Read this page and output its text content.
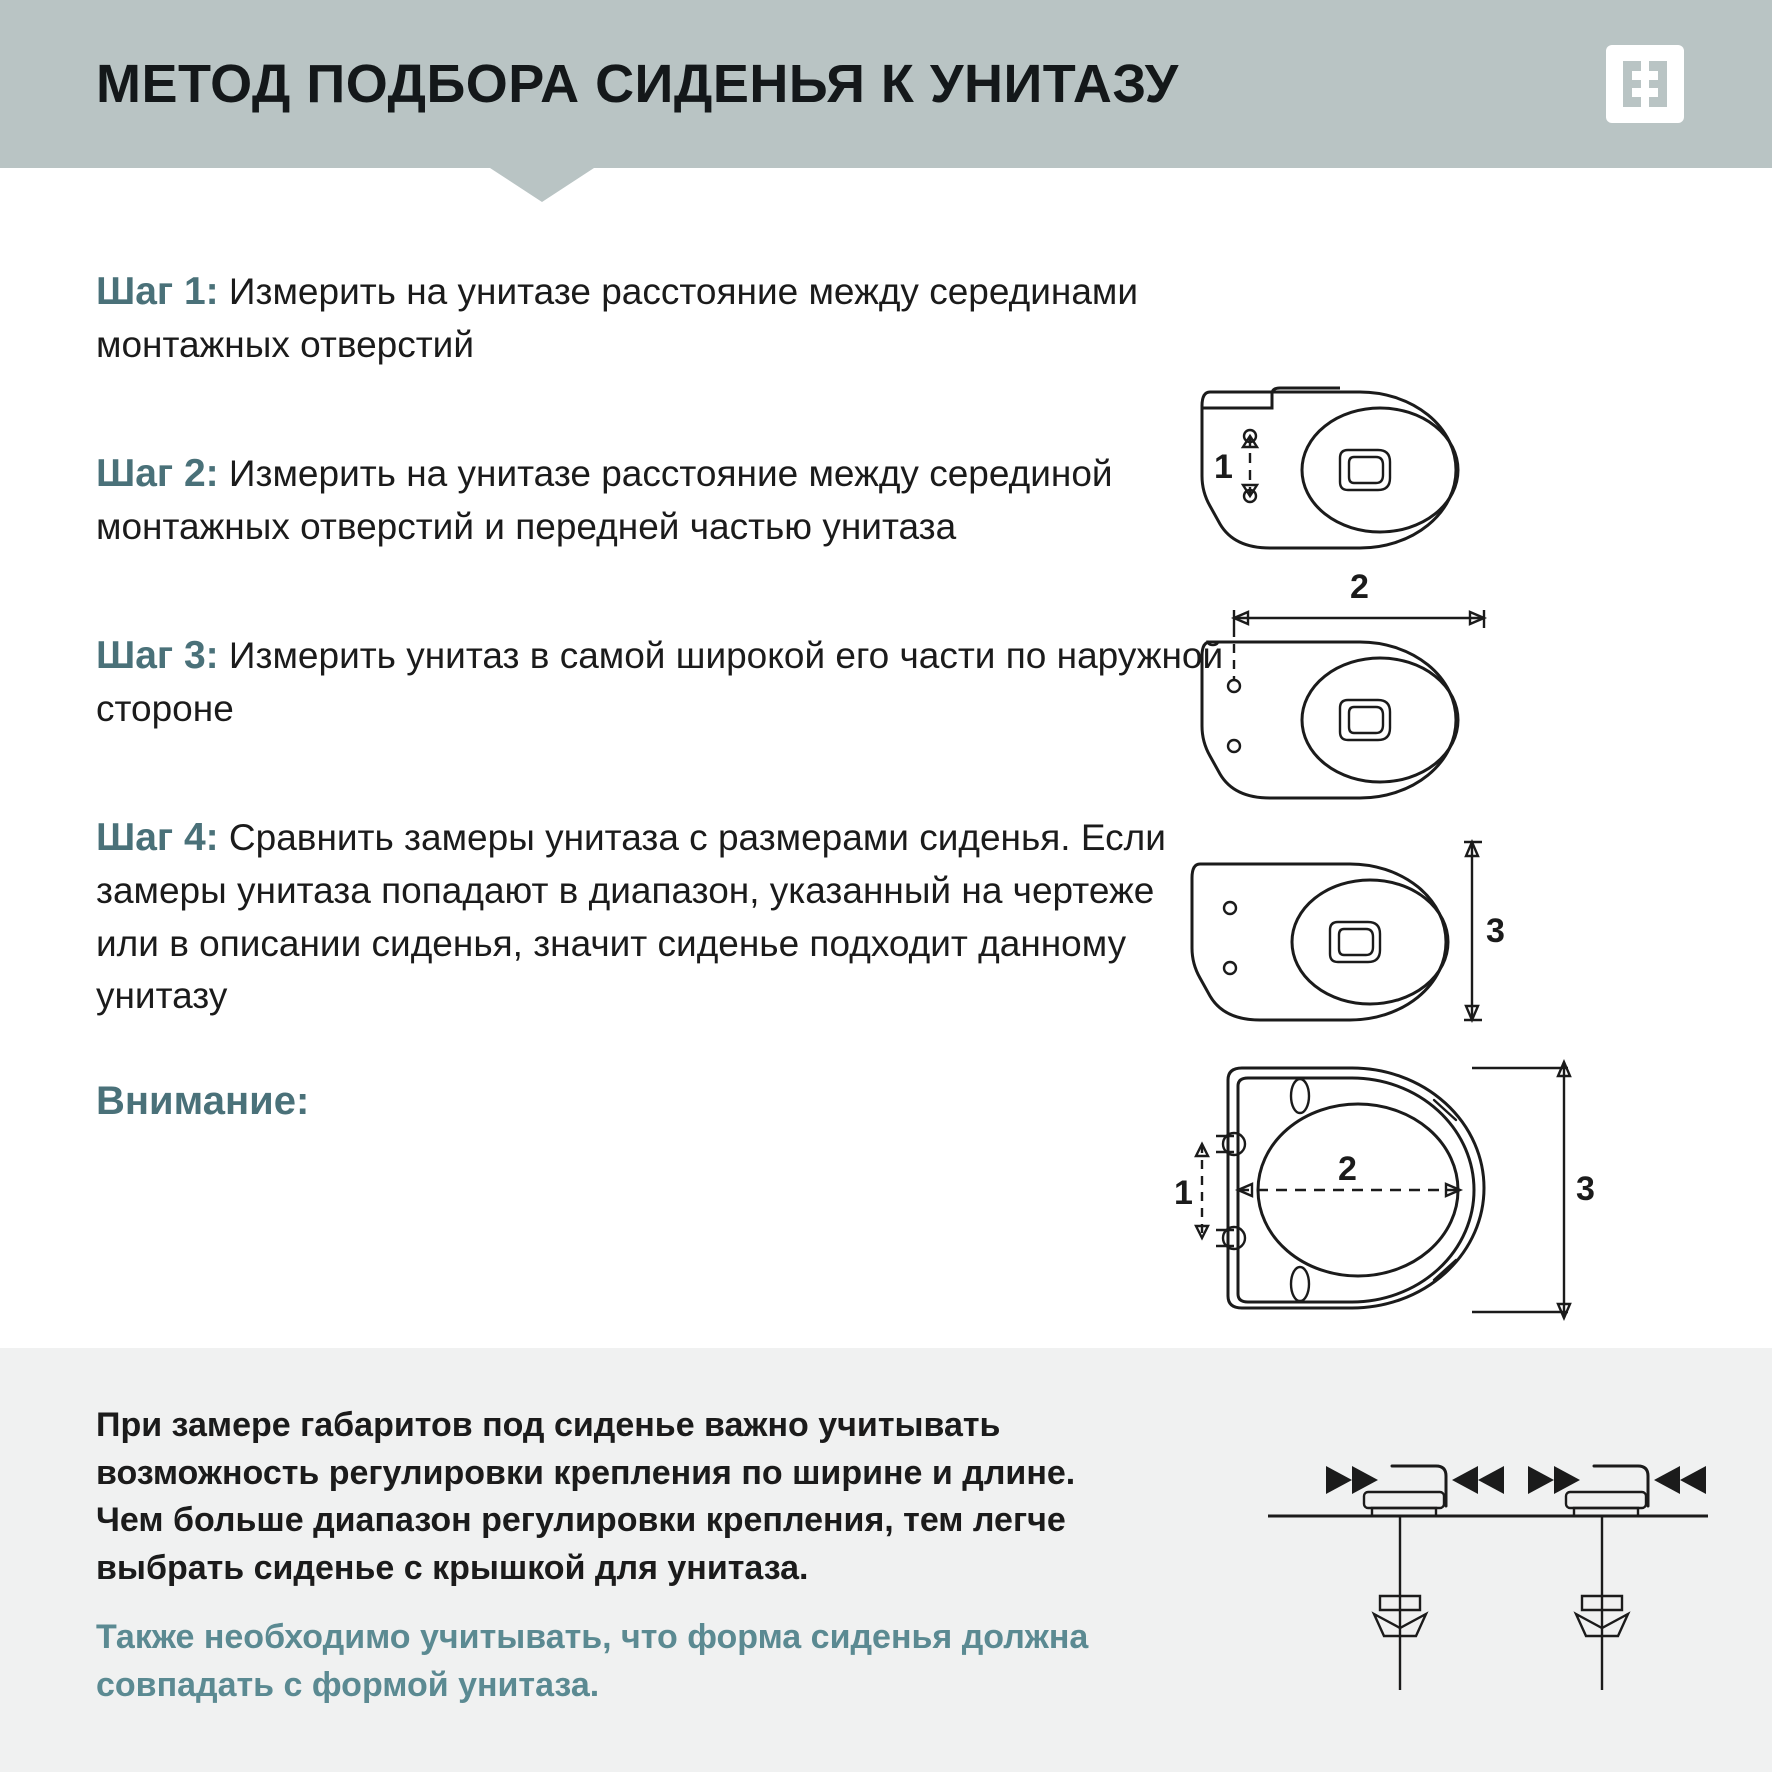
МЕТОД ПОДБОРА СИДЕНЬЯ К УНИТАЗУ

Шаг 1: Измерить на унитазе расстояние между серединами монтажных отверстий

Шаг 2: Измерить на унитазе расстояние между серединой монтажных отверстий и передней частью унитаза

Шаг 3: Измерить унитаз в самой широкой его части по наружной стороне

Шаг 4: Сравнить замеры унитаза с размерами сиденья. Если замеры унитаза попадают в диапазон, указанный на чертеже или в описании сиденья, значит сиденье подходит данному унитазу

Внимание:
1
2
3
1
2
3

При замере габаритов под сиденье важно учитывать возможность регулировки крепления по ширине и длине. Чем больше диапазон регулировки крепления, тем легче выбрать сиденье с крышкой для унитаза.

Также необходимо учитывать, что форма сиденья должна совпадать с формой унитаза.
